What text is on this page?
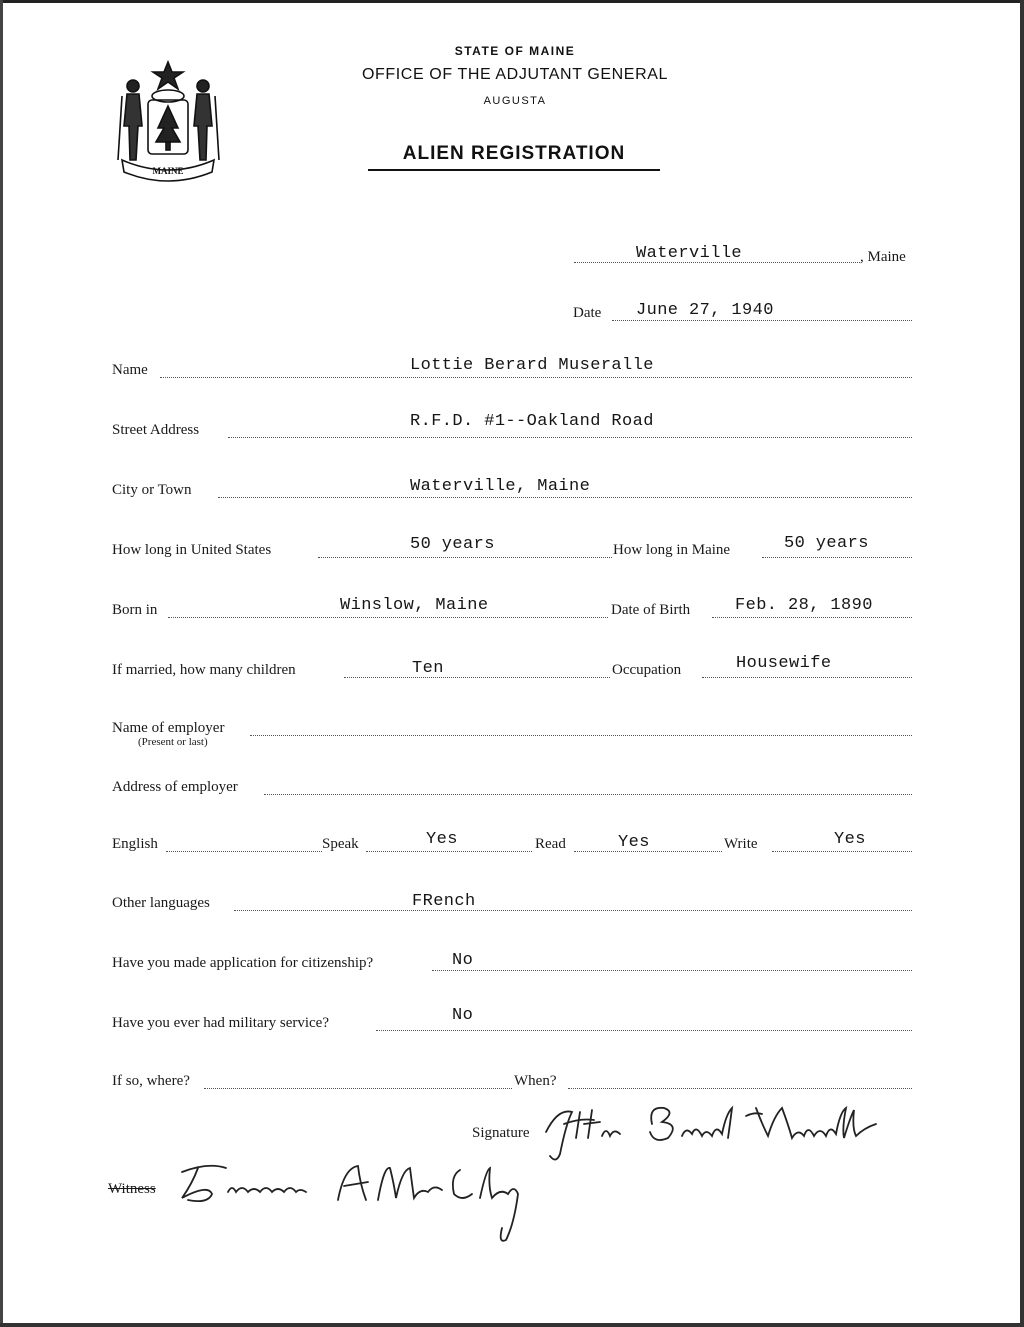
MAINE
STATE OF MAINE
OFFICE OF THE ADJUTANT GENERAL
AUGUSTA
ALIEN REGISTRATION
Waterville	, Maine
Date June 27, 1940
Name	Lottie Berard Museralle
Street Address	R.F.D. #1--Oakland Road
City or Town	Waterville, Maine
How long in United States	50 years	How long in Maine	50 years
Born in	Winslow, Maine	Date of Birth	Feb. 28, 1890
If married, how many children	Ten	Occupation	Housewife
Name of employer
(Present or last)
Address of employer
English	Speak	Yes	Read	Yes	Write	Yes
Other languages	FRench
Have you made application for citizenship?	No
Have you ever had military service?	No
If so, where?	When?
Signature
Lottie Berard Museralle
Witness
Frances A. McClay
